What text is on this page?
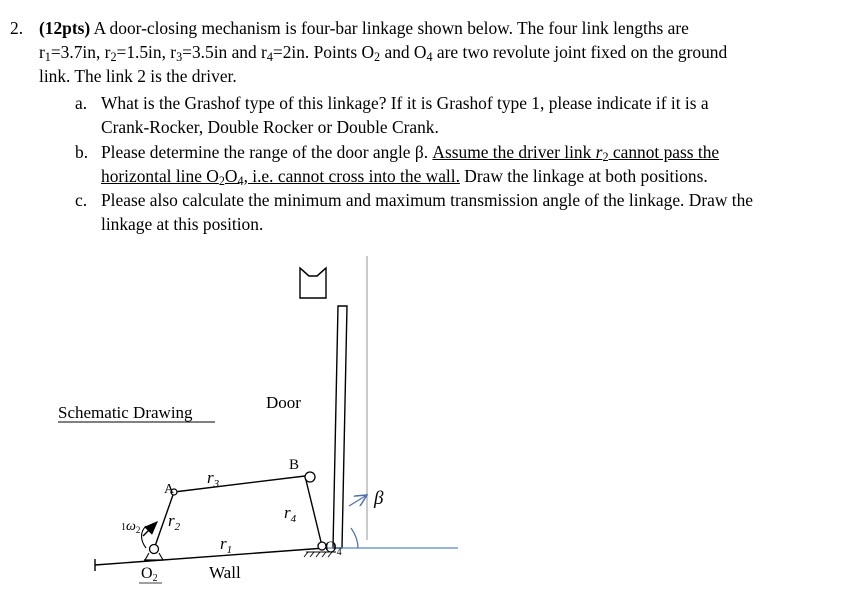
2. (12pts) A door-closing mechanism is four-bar linkage shown below. The four link lengths are
$r_1=3.7in$, $r_2=1.5in$, $r_3=3.5in$ and $r_4=2in$. Points $O_2$ and $O_4$ are two revolute joint fixed on the ground
link. The link 2 is the driver.
a. What is the Grashof type of this linkage? If it is Grashof type 1, please indicate if it is a
Crank-Rocker, Double Rocker or Double Crank.
b. Please determine the range of the door angle β. Assume the driver link $r_2$ cannot pass the
horizontal line $O_2O_4$, i.e. cannot cross into the wall. Draw the linkage at both positions.
c. Please also calculate the minimum and maximum transmission angle of the linkage. Draw the
linkage at this position.
Schematic Drawing
Door
A
B
$r_3$
$r_2$
$r_1$
$r_4$
O2
O4
Wall
$1\omega_2$
β
